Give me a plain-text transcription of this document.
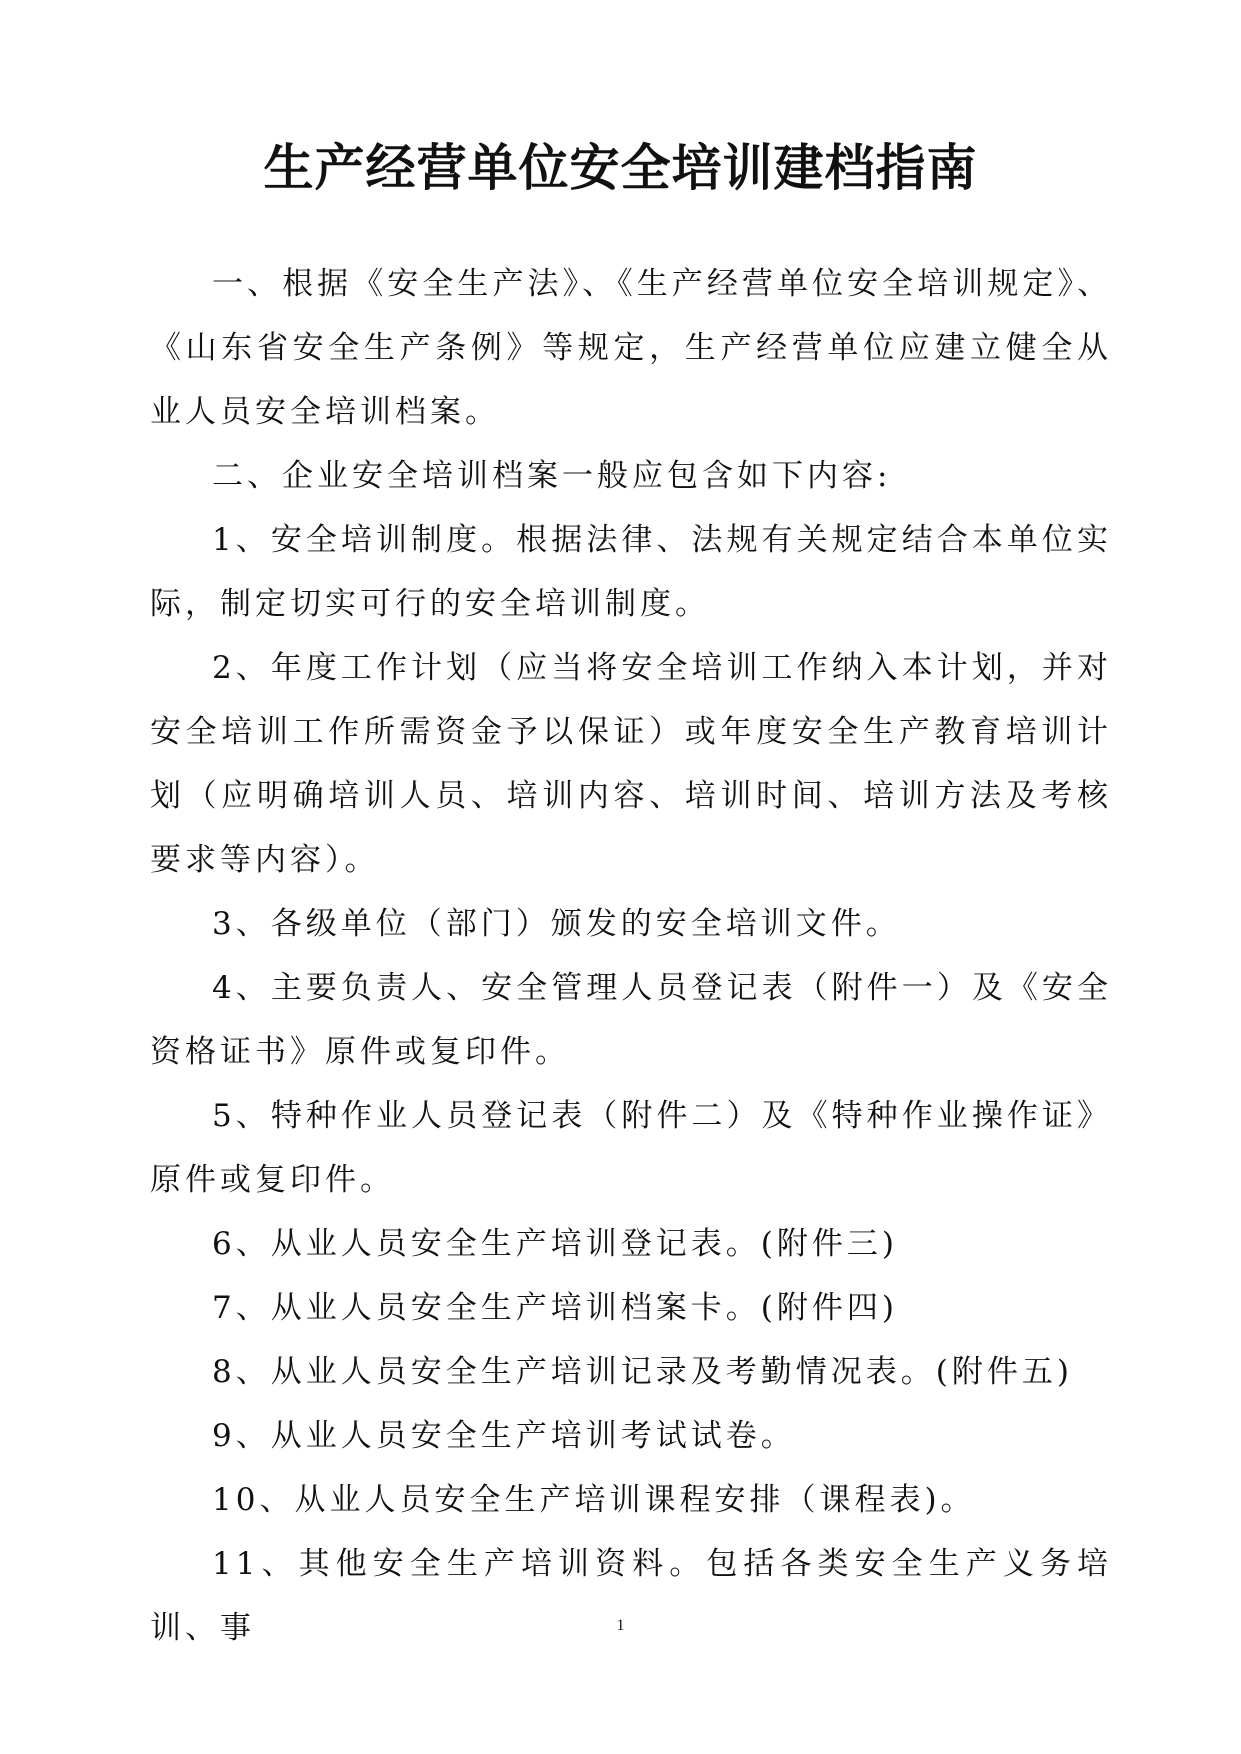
生产经营单位安全培训建档指南

一、根据《安全生产法》、《生产经营单位安全培训规定》、《山东省安全生产条例》等规定，生产经营单位应建立健全从业人员安全培训档案。

二、企业安全培训档案一般应包含如下内容:

1、安全培训制度。根据法律、法规有关规定结合本单位实际，制定切实可行的安全培训制度。

2、年度工作计划（应当将安全培训工作纳入本计划，并对安全培训工作所需资金予以保证）或年度安全生产教育培训计划（应明确培训人员、培训内容、培训时间、培训方法及考核要求等内容）。

3、各级单位（部门）颁发的安全培训文件。

4、主要负责人、安全管理人员登记表（附件一）及《安全资格证书》原件或复印件。

5、特种作业人员登记表（附件二）及《特种作业操作证》原件或复印件。

6、从业人员安全生产培训登记表。(附件三)

7、从业人员安全生产培训档案卡。(附件四)

8、从业人员安全生产培训记录及考勤情况表。(附件五)

9、从业人员安全生产培训考试试卷。

10、从业人员安全生产培训课程安排（课程表)。

11、其他安全生产培训资料。包括各类安全生产义务培训、事	1
